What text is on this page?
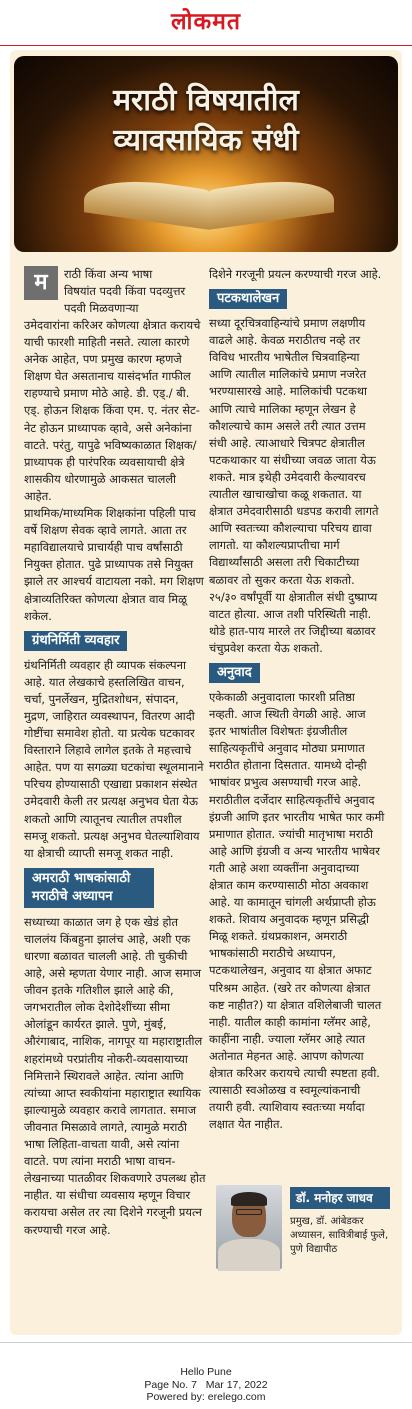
लोकमत
मराठी विषयातील
व्यावसायिक संधी
म	राठी किंवा अन्य भाषा
विषयांत पदवी किंवा पदव्युत्तर
पदवी मिळवणाऱ्या
उमेदवारांना करिअर कोणत्या क्षेत्रात करायचे याची फारशी माहिती नसते. त्याला कारणे अनेक आहेत, पण प्रमुख कारण म्हणजे शिक्षण घेत असतानाच यासंदर्भात गाफील राहण्याचे प्रमाण मोठे आहे. डी. एड्./ बी. एड्. होऊन शिक्षक किंवा एम. ए. नंतर सेट-नेट होऊन प्राध्यापक व्हावे, असे अनेकांना वाटते. परंतु, यापुढे भविष्यकाळात शिक्षक/प्राध्यापक ही पारंपरिक व्यवसायाची क्षेत्रे शासकीय धोरणामुळे आकसत चालली आहेत.
प्राथमिक/माध्यमिक शिक्षकांना पहिली पाच वर्षे शिक्षण सेवक व्हावे लागते. आता तर महाविद्यालयाचे प्राचार्यही पाच वर्षांसाठी नियुक्त होतात. पुढे प्राध्यापक तसे नियुक्त झाले तर आश्चर्य वाटायला नको. मग शिक्षण क्षेत्राव्यतिरिक्त कोणत्या क्षेत्रात वाव मिळू शकेल.
ग्रंथनिर्मिती व्यवहार
ग्रंथनिर्मिती व्यवहार ही व्यापक संकल्पना आहे. यात लेखकाचे हस्तलिखित वाचन, चर्चा, पुनर्लेखन, मुद्रितशोधन, संपादन, मुद्रण, जाहिरात व्यवस्थापन, वितरण आदी गोष्टींचा समावेश होतो. या प्रत्येक घटकावर विस्ताराने लिहावे लागेल इतके ते महत्त्वाचे आहेत. पण या सगळ्या घटकांचा स्थूलमानाने परिचय होण्यासाठी एखाद्या प्रकाशन संस्थेत उमेदवारी केली तर प्रत्यक्ष अनुभव घेता येऊ शकतो आणि त्यातूनच त्यातील तपशील समजू शकतो. प्रत्यक्ष अनुभव घेतल्याशिवाय या क्षेत्राची व्याप्ती समजू शकत नाही.
अमराठी भाषकांसाठी मराठीचे अध्यापन
सध्याच्या काळात जग हे एक खेडं होत चाललंय किंबहुना झालंच आहे, अशी एक धारणा बळावत चालली आहे. ती चुकीची आहे, असे म्हणता येणार नाही. आज समाज जीवन इतके गतिशील झाले आहे की, जगभरातील लोक देशोदेशींच्या सीमा ओलांडून कार्यरत झाले. पुणे, मुंबई, औरंगाबाद, नाशिक, नागपूर या महाराष्ट्रातील शहरांमध्ये परप्रांतीय नोकरी-व्यवसायाच्या निमित्ताने स्थिरावले आहेत. त्यांना आणि त्यांच्या आप्त स्वकीयांना महाराष्ट्रात स्थायिक झाल्यामुळे व्यवहार करावे लागतात. समाज जीवनात मिसळावे लागते, त्यामुळे मराठी भाषा लिहिता-वाचता यावी, असे त्यांना वाटते. पण त्यांना मराठी भाषा वाचन-लेखनाच्या पातळीवर शिकवणारे उपलब्ध होत नाहीत. या संधीचा व्यवसाय म्हणून विचार करायचा असेल तर त्या दिशेने गरजूनी प्रयत्न करण्याची गरज आहे.
दिशेने गरजूनी प्रयत्न करण्याची गरज आहे.
पटकथालेखन
सध्या दूरचित्रवाहिन्यांचे प्रमाण लक्षणीय वाढले आहे. केवळ मराठीतच नव्हे तर विविध भारतीय भाषेतील चित्रवाहिन्या आणि त्यातील मालिकांचे प्रमाण नजरेत भरण्यासारखे आहे. मालिकांची पटकथा आणि त्याचे मालिका म्हणून लेखन हे कौशल्याचे काम असले तरी त्यात उत्तम संधी आहे. त्याआधारे चित्रपट क्षेत्रातील पटकथाकार या संधीच्या जवळ जाता येऊ शकते. मात्र इथेही उमेदवारी केल्यावरच त्यातील खाचाखोचा कळू शकतात. या क्षेत्रात उमेदवारीसाठी धडपड करावी लागते आणि स्वतःच्या कौशल्याचा परिचय द्यावा लागतो. या कौशल्यप्राप्तीचा मार्ग विद्यार्थ्यांसाठी असला तरी चिकाटीच्या बळावर तो सुकर करता येऊ शकतो. २५/३० वर्षांपूर्वी या क्षेत्रातील संधी दुष्प्राप्य वाटत होत्या. आज तशी परिस्थिती नाही. थोडे हात-पाय मारले तर जिद्दीच्या बळावर चंचुप्रवेश करता येऊ शकतो.
अनुवाद
एकेकाळी अनुवादाला फारशी प्रतिष्ठा नव्हती. आज स्थिती वेगळी आहे. आज इतर भाषांतील विशेषतः इंग्रजीतील साहित्यकृतींचे अनुवाद मोठ्या प्रमाणात मराठीत होताना दिसतात. यामध्ये दोन्ही भाषांवर प्रभुत्व असण्याची गरज आहे. मराठीतील दर्जेदार साहित्यकृतींचे अनुवाद इंग्रजी आणि इतर भारतीय भाषेत फार कमी प्रमाणात होतात. ज्यांची मातृभाषा मराठी आहे आणि इंग्रजी व अन्य भारतीय भाषेवर गती आहे अशा व्यक्तींना अनुवादाच्या क्षेत्रात काम करण्यासाठी मोठा अवकाश आहे. या कामातून चांगली अर्थप्राप्ती होऊ शकते. शिवाय अनुवादक म्हणून प्रसिद्धी मिळू शकते. ग्रंथप्रकाशन, अमराठी भाषकांसाठी मराठीचे अध्यापन, पटकथालेखन, अनुवाद या क्षेत्रात अफाट परिश्रम आहेत. (खरे तर कोणत्या क्षेत्रात कष्ट नाहीत?) या क्षेत्रात वशिलेबाजी चालत नाही. यातील काही कामांना ग्लॅमर आहे, काहींना नाही. ज्याला ग्लॅमर आहे त्यात अतोनात मेहनत आहे. आपण कोणत्या क्षेत्रात करिअर करायचे त्याची स्पष्टता हवी. त्यासाठी स्वओळख व स्वमूल्यांकनाची तयारी हवी. त्याशिवाय स्वतःच्या मर्यादा लक्षात येत नाहीत.
डॉ. मनोहर जाधव
प्रमुख, डॉ. आंबेडकर अध्यासन, सावित्रीबाई फुले, पुणे विद्यापीठ
Hello Pune
Page No. 7   Mar 17, 2022
Powered by: erelego.com
